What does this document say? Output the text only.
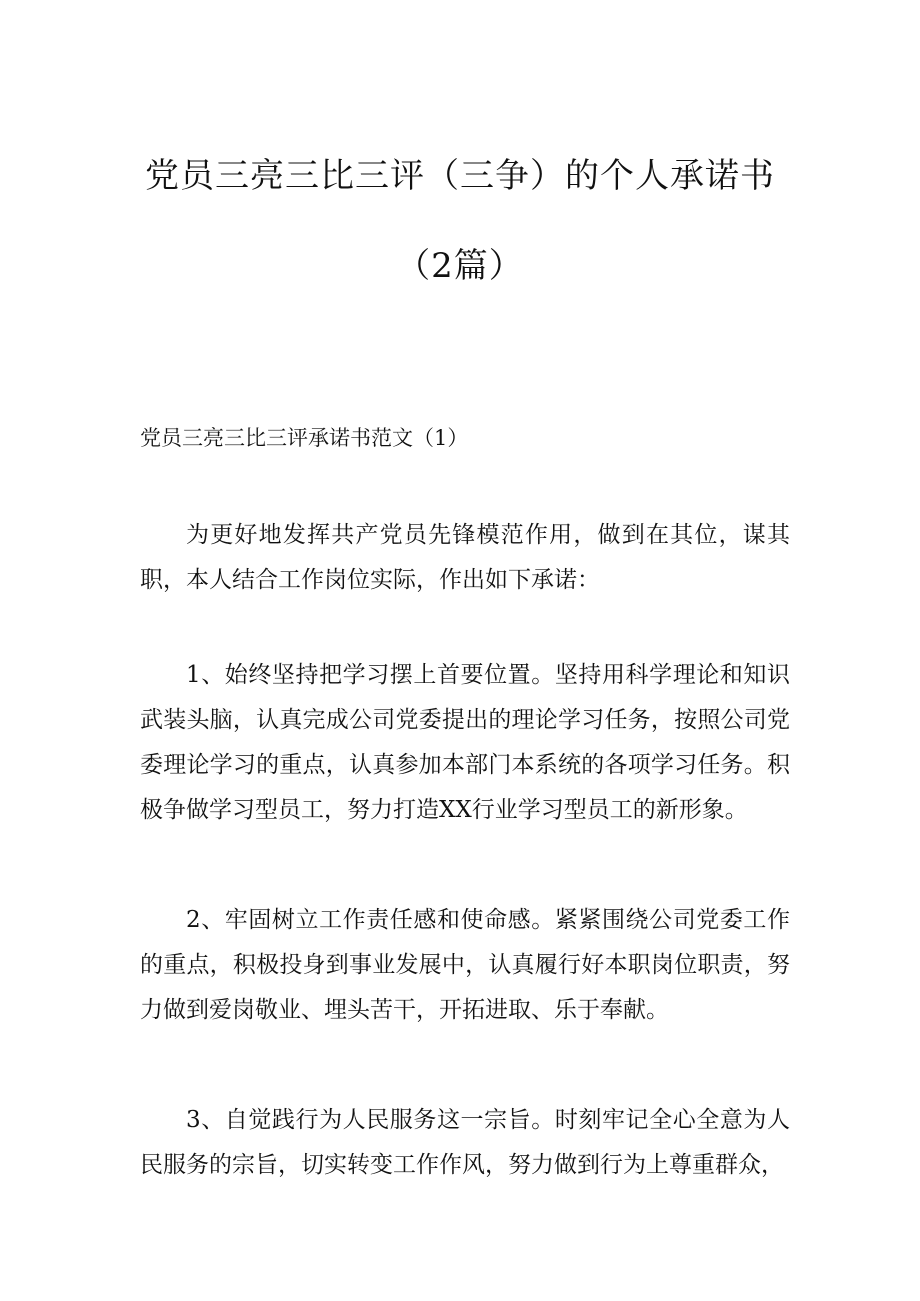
党员三亮三比三评（三争）的个人承诺书
（2篇）
党员三亮三比三评承诺书范文（1）

为更好地发挥共产党员先锋模范作用，做到在其位，谋其职，本人结合工作岗位实际，作出如下承诺：

1、始终坚持把学习摆上首要位置。坚持用科学理论和知识武装头脑，认真完成公司党委提出的理论学习任务，按照公司党委理论学习的重点，认真参加本部门本系统的各项学习任务。积极争做学习型员工，努力打造XX行业学习型员工的新形象。

2、牢固树立工作责任感和使命感。紧紧围绕公司党委工作的重点，积极投身到事业发展中，认真履行好本职岗位职责，努力做到爱岗敬业、埋头苦干，开拓进取、乐于奉献。

3、自觉践行为人民服务这一宗旨。时刻牢记全心全意为人民服务的宗旨，切实转变工作作风，努力做到行为上尊重群众，
